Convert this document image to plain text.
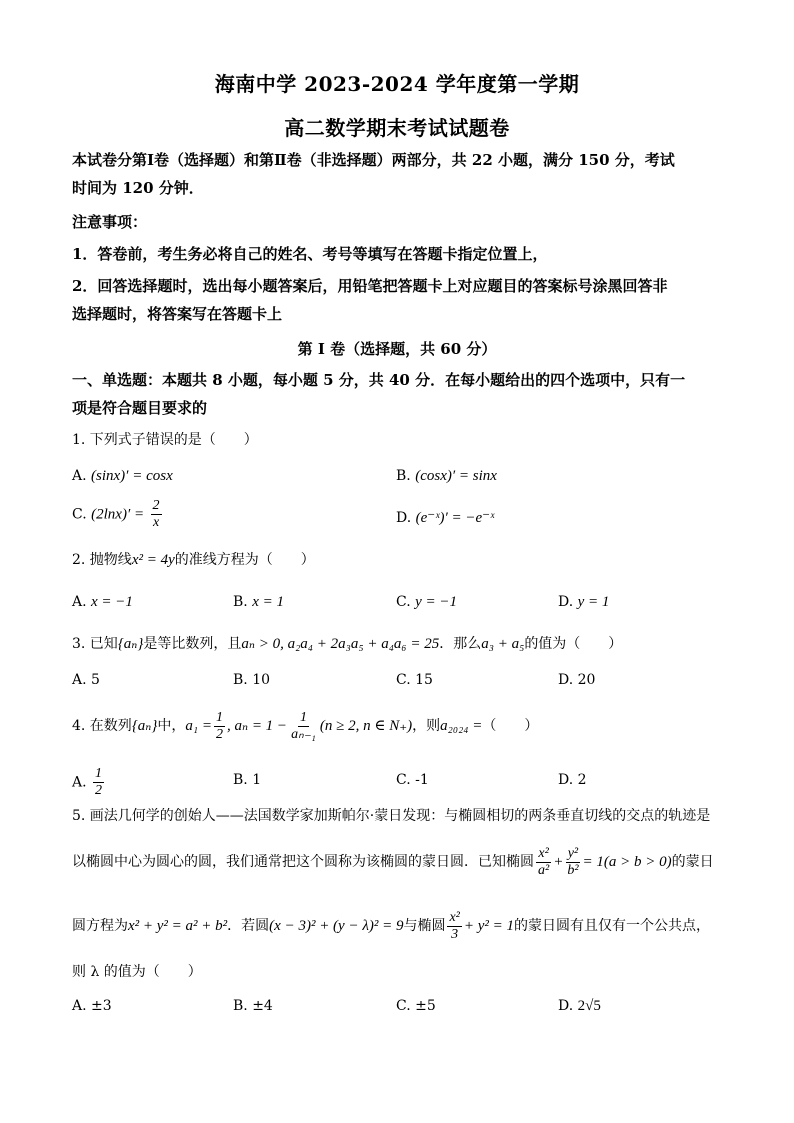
海南中学 2023-2024 学年度第一学期
高二数学期末考试试题卷
本试卷分第Ⅰ卷（选择题）和第Ⅱ卷（非选择题）两部分，共 22 小题，满分 150 分，考试
时间为 120 分钟．
注意事项：
1．答卷前，考生务必将自己的姓名、考号等填写在答题卡指定位置上，
2．回答选择题时，选出每小题答案后，用铅笔把答题卡上对应题目的答案标号涂黑回答非
选择题时，将答案写在答题卡上
第 I 卷（选择题，共 60 分）
一、单选题：本题共 8 小题，每小题 5 分，共 40 分．在每小题给出的四个选项中，只有一
项是符合题目要求的
1. 下列式子错误的是（　　）
A. (sinx)′ = cosx	B. (cosx)′ = sinx
C. $(2\ln x)' = \frac{2}{x}$	D. (e⁻ˣ)′ = −e⁻ˣ
2. 抛物线x² = 4y的准线方程为（　　）
A. x = −1	B. x = 1	C. y = −1	D. y = 1
3. 已知{aₙ}是等比数列，且aₙ > 0, a₂a₄ + 2a₃a₅ + a₄a₆ = 25．那么a₃ + a₅的值为（　　）
A. 5	B. 10	C. 15	D. 20
4. 在数列{aₙ}中，$a_1 = \frac{1}{2}$ , $a_n = 1 - \frac{1}{\text{aₙ₋₁}} (n \ge 2$, n ∈ N₊)，则a₂₀₂₄ =（　　）
A. $\frac{1}{2}$	B. 1	C. -1	D. 2
5. 画法几何学的创始人——法国数学家加斯帕尔·蒙日发现：与椭圆相切的两条垂直切线的交点的轨迹是
以椭圆中心为圆心的圆，我们通常把这个圆称为该椭圆的蒙日圆．已知椭圆 $\frac{\text{x²}}{\text{a²}} + \frac{\text{y²}}{\text{b²}} = 1(a > b > 0)$的蒙日
圆方程为x² + y² = a² + b²．若圆(x − 3)² + (y − λ)² = 9与椭圆 $\frac{\text{x²}}{3} + y^2 = 1$的蒙日圆有且仅有一个公共点，
则 λ 的值为（　　）
A. ±3	B. ±4	C. ±5	D. 2√5
